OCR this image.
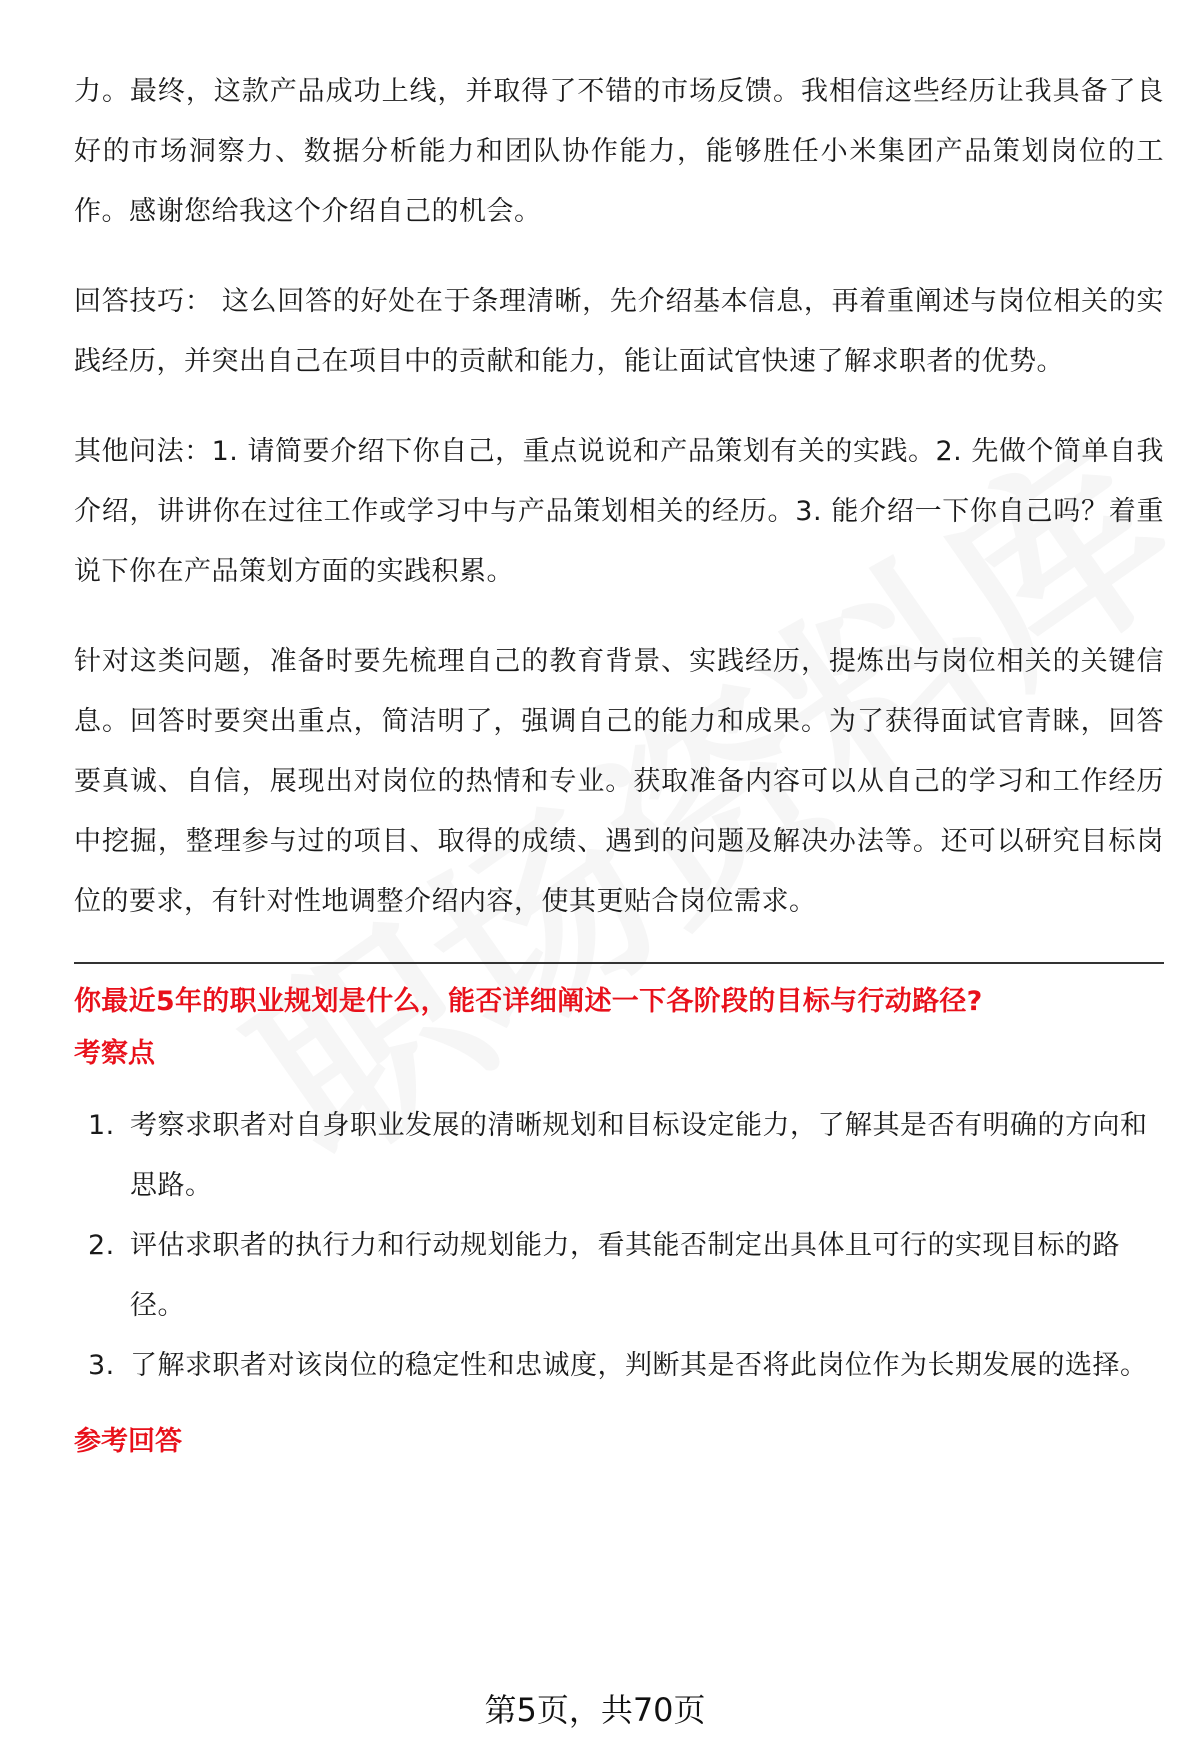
力。最终，这款产品成功上线，并取得了不错的市场反馈。我相信这些经历让我具备了良好的市场洞察力、数据分析能力和团队协作能力，能够胜任小米集团产品策划岗位的工作。感谢您给我这个介绍自己的机会。

回答技巧： 这么回答的好处在于条理清晰，先介绍基本信息，再着重阐述与岗位相关的实践经历，并突出自己在项目中的贡献和能力，能让面试官快速了解求职者的优势。

其他问法：1. 请简要介绍下你自己，重点说说和产品策划有关的实践。2. 先做个简单自我介绍，讲讲你在过往工作或学习中与产品策划相关的经历。3. 能介绍一下你自己吗？着重说下你在产品策划方面的实践积累。

针对这类问题，准备时要先梳理自己的教育背景、实践经历，提炼出与岗位相关的关键信息。回答时要突出重点，简洁明了，强调自己的能力和成果。为了获得面试官青睐，回答要真诚、自信，展现出对岗位的热情和专业。获取准备内容可以从自己的学习和工作经历中挖掘，整理参与过的项目、取得的成绩、遇到的问题及解决办法等。还可以研究目标岗位的要求，有针对性地调整介绍内容，使其更贴合岗位需求。

你最近5年的职业规划是什么，能否详细阐述一下各阶段的目标与行动路径?

考察点

1. 考察求职者对自身职业发展的清晰规划和目标设定能力，了解其是否有明确的方向和思路。
2. 评估求职者的执行力和行动规划能力，看其能否制定出具体且可行的实现目标的路径。
3. 了解求职者对该岗位的稳定性和忠诚度，判断其是否将此岗位作为长期发展的选择。

参考回答

第5页，共70页
